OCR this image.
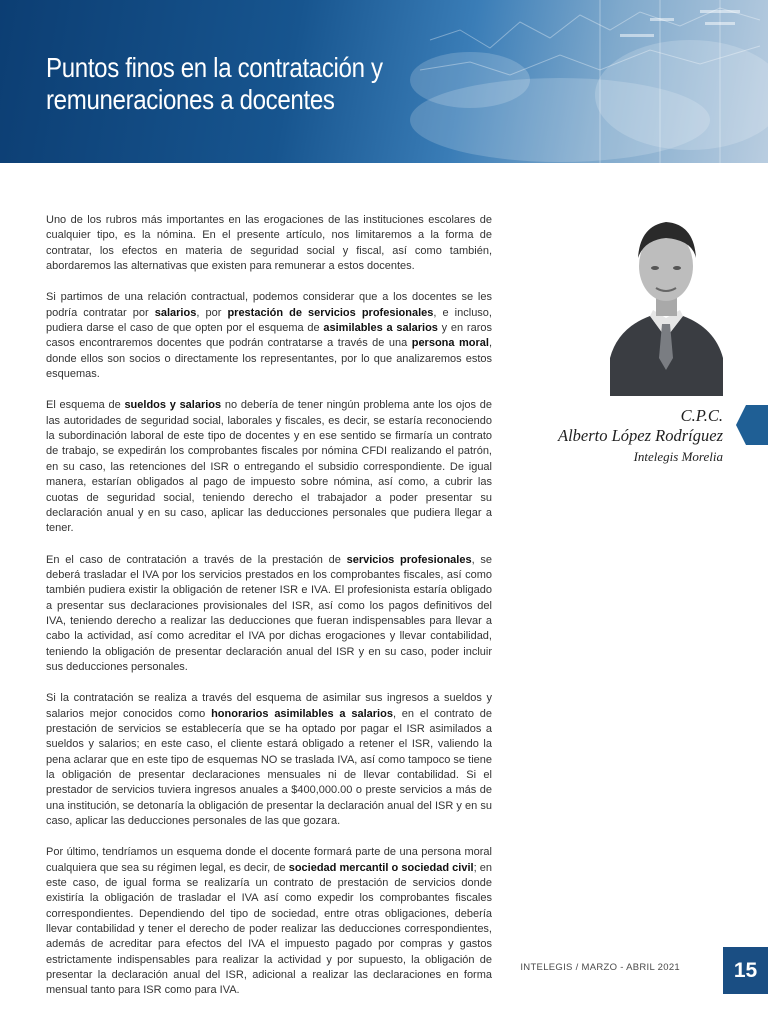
Puntos finos en la contratación y
remuneraciones a docentes

Uno de los rubros más importantes en las erogaciones de las instituciones escolares de cualquier tipo, es la nómina. En el presente artículo, nos limitaremos a la forma de contratar, los efectos en materia de seguridad social y fiscal, así como también, abordaremos las alternativas que existen para remunerar a estos docentes.

Si partimos de una relación contractual, podemos considerar que a los docentes se les podría contratar por salarios, por prestación de servicios profesionales, e incluso, pudiera darse el caso de que opten por el esquema de asimilables a salarios y en raros casos encontraremos docentes que podrán contratarse a través de una persona moral, donde ellos son socios o directamente los representantes, por lo que analizaremos estos esquemas.

El esquema de sueldos y salarios no debería de tener ningún problema ante los ojos de las autoridades de seguridad social, laborales y fiscales, es decir, se estaría reconociendo la subordinación laboral de este tipo de docentes y en ese sentido se firmaría un contrato de trabajo, se expedirán los comprobantes fiscales por nómina CFDI realizando el patrón, en su caso, las retenciones del ISR o entregando el subsidio correspondiente. De igual manera, estarían obligados al pago de impuesto sobre nómina, así como, a cubrir las cuotas de seguridad social, teniendo derecho el trabajador a poder presentar su declaración anual y en su caso, aplicar las deducciones personales que pudiera llegar a tener.

En el caso de contratación a través de la prestación de servicios profesionales, se deberá trasladar el IVA por los servicios prestados en los comprobantes fiscales, así como también pudiera existir la obligación de retener ISR e IVA. El profesionista estaría obligado a presentar sus declaraciones provisionales del ISR, así como los pagos definitivos del IVA, teniendo derecho a realizar las deducciones que fueran indispensables para llevar a cabo la actividad, así como acreditar el IVA por dichas erogaciones y llevar contabilidad, teniendo la obligación de presentar declaración anual del ISR y en su caso, poder incluir sus deducciones personales.

Si la contratación se realiza a través del esquema de asimilar sus ingresos a sueldos y salarios mejor conocidos como honorarios asimilables a salarios, en el contrato de prestación de servicios se establecería que se ha optado por pagar el ISR asimilados a sueldos y salarios; en este caso, el cliente estará obligado a retener el ISR, valiendo la pena aclarar que en este tipo de esquemas NO se traslada IVA, así como tampoco se tiene la obligación de presentar declaraciones mensuales ni de llevar contabilidad. Si el prestador de servicios tuviera ingresos anuales a $400,000.00 o preste servicios a más de una institución, se detonaría la obligación de presentar la declaración anual del ISR y en su caso, aplicar las deducciones personales de las que gozara.

Por último, tendríamos un esquema donde el docente formará parte de una persona moral cualquiera que sea su régimen legal, es decir, de sociedad mercantil o sociedad civil; en este caso, de igual forma se realizaría un contrato de prestación de servicios donde existiría la obligación de trasladar el IVA así como expedir los comprobantes fiscales correspondientes. Dependiendo del tipo de sociedad, entre otras obligaciones, debería llevar contabilidad y tener el derecho de poder realizar las deducciones correspondientes, además de acreditar para efectos del IVA el impuesto pagado por compras y gastos estrictamente indispensables para realizar la actividad y por supuesto, la obligación de presentar la declaración anual del ISR, adicional a realizar las declaraciones en forma mensual tanto para ISR como para IVA.

C.P.C.
Alberto López Rodríguez
Intelegis Morelia
INTELEGIS / MARZO - ABRIL 2021	15
